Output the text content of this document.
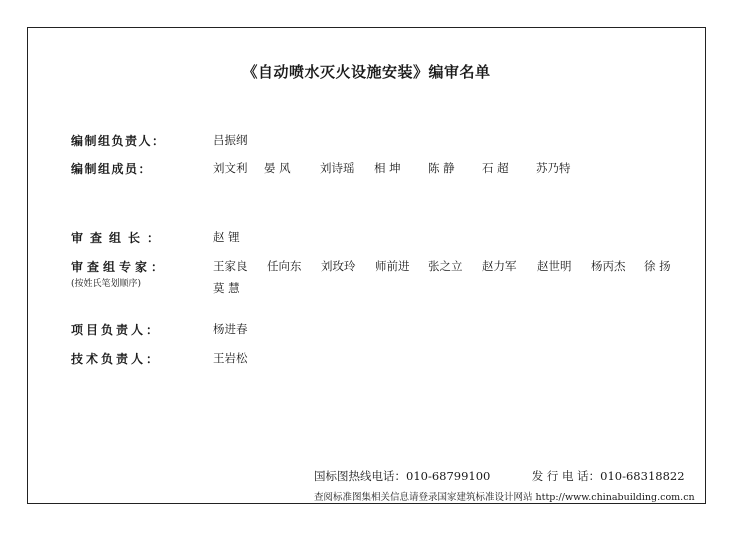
《自动喷水灭火设施安装》编审名单
编制组负责人：	吕振纲
编制组成员：	刘文利 晏 风	刘诗瑶 相 坤 陈 静 石 超 苏乃特
审查组长：	赵 锂
审查组专家：
(按姓氏笔划顺序)
王家良 任向东 刘玫玲 师前进 张之立 赵力军 赵世明 杨丙杰 徐 扬
莫 慧
项目负责人：	杨进春
技术负责人：	王岩松
国标图热线电话：010-68799100	发 行 电 话：010-68318822
查阅标准图集相关信息请登录国家建筑标准设计网站 http://www.chinabuilding.com.cn
